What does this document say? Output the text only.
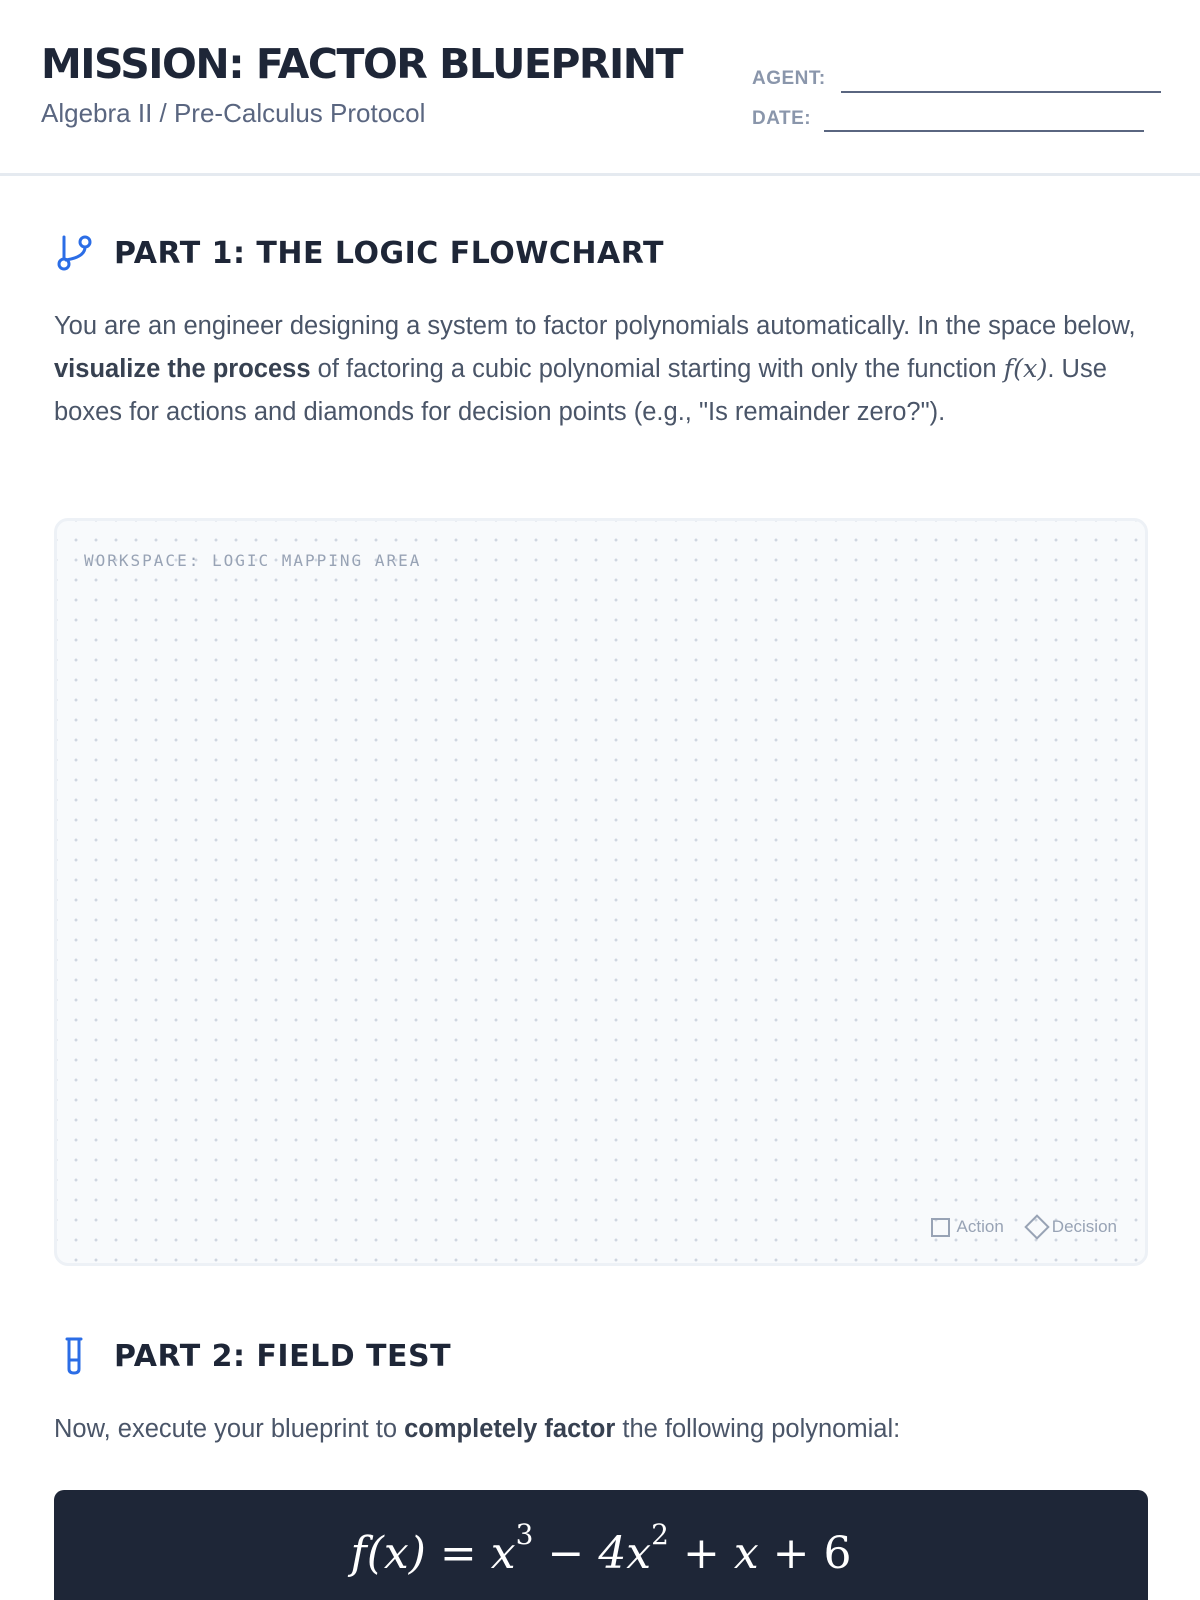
MISSION: FACTOR BLUEPRINT
Algebra II / Pre-Calculus Protocol
AGENT:
DATE:
PART 1: THE LOGIC FLOWCHART

You are an engineer designing a system to factor polynomials automatically. In the space below, visualize the process of factoring a cubic polynomial starting with only the function f(x). Use boxes for actions and diamonds for decision points (e.g., "Is remainder zero?").

WORKSPACE: LOGIC MAPPING AREA
Action	Decision
PART 2: FIELD TEST

Now, execute your blueprint to completely factor the following polynomial:

$f(x) = x^3 - 4x^2 + x + 6$
